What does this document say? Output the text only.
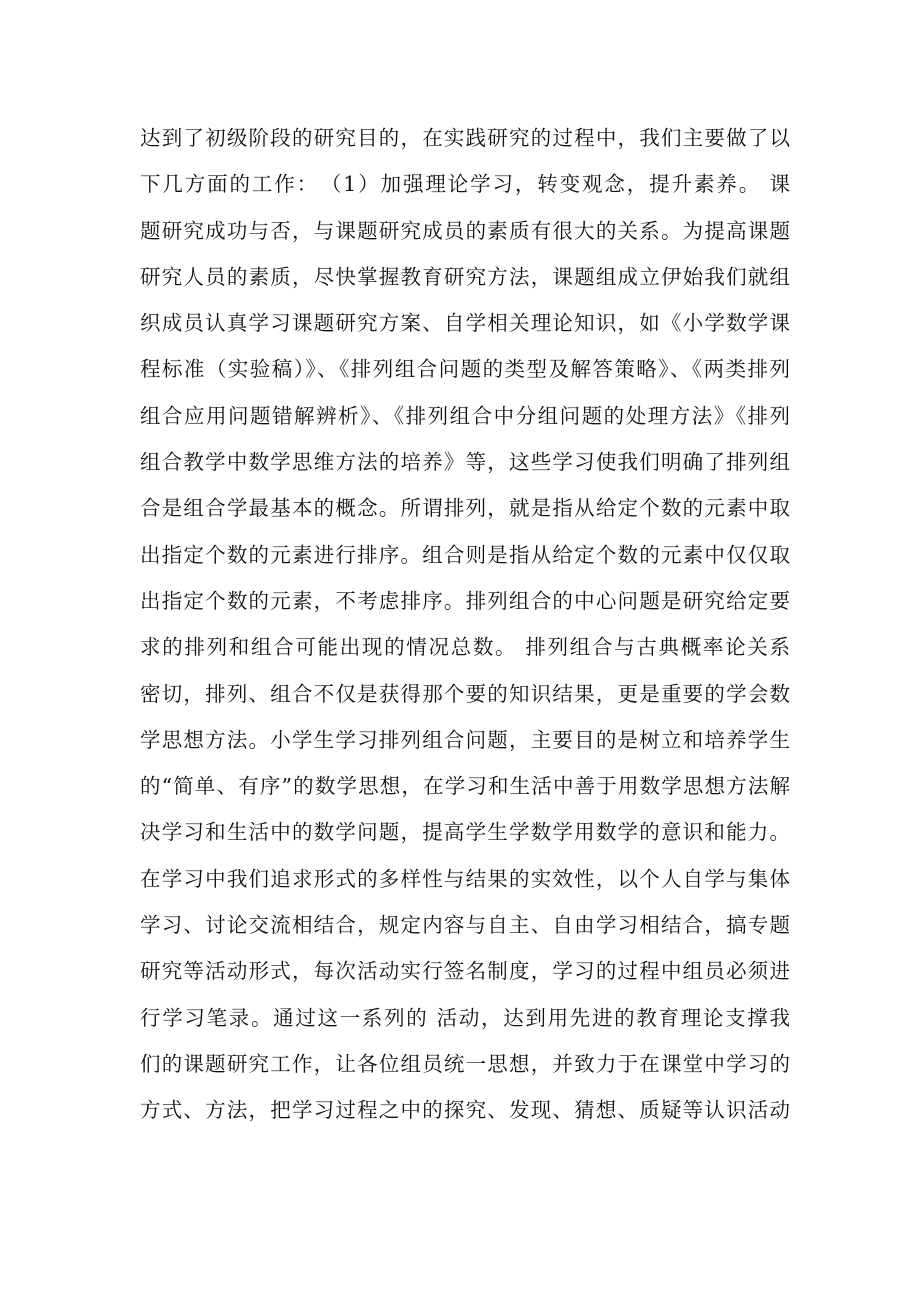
达到了初级阶段的研究目的，在实践研究的过程中，我们主要做了以
下几方面的工作：　（1）加强理论学习，转变观念，提升素养。 课
题研究成功与否，与课题研究成员的素质有很大的关系。为提高课题
研究人员的素质，尽快掌握教育研究方法，课题组成立伊始我们就组
织成员认真学习课题研究方案、自学相关理论知识，如《小学数学课
程标准（实验稿）》、《排列组合问题的类型及解答策略》、《两类排列
组合应用问题错解辨析》、《排列组合中分组问题的处理方法》《排列
组合教学中数学思维方法的培养》等，这些学习使我们明确了排列组
合是组合学最基本的概念。所谓排列，就是指从给定个数的元素中取
出指定个数的元素进行排序。组合则是指从给定个数的元素中仅仅取
出指定个数的元素，不考虑排序。排列组合的中心问题是研究给定要
求的排列和组合可能出现的情况总数。 排列组合与古典概率论关系
密切，排列、组合不仅是获得那个要的知识结果，更是重要的学会数
学思想方法。小学生学习排列组合问题，主要目的是树立和培养学生
的“简单、有序”的数学思想，在学习和生活中善于用数学思想方法解
决学习和生活中的数学问题，提高学生学数学用数学的意识和能力。
在学习中我们追求形式的多样性与结果的实效性，以个人自学与集体
学习、讨论交流相结合，规定内容与自主、自由学习相结合，搞专题
研究等活动形式，每次活动实行签名制度，学习的过程中组员必须进
行学习笔录。通过这一系列的 活动，达到用先进的教育理论支撑我
们的课题研究工作，让各位组员统一思想，并致力于在课堂中学习的
方式、方法，把学习过程之中的探究、发现、猜想、质疑等认识活动
